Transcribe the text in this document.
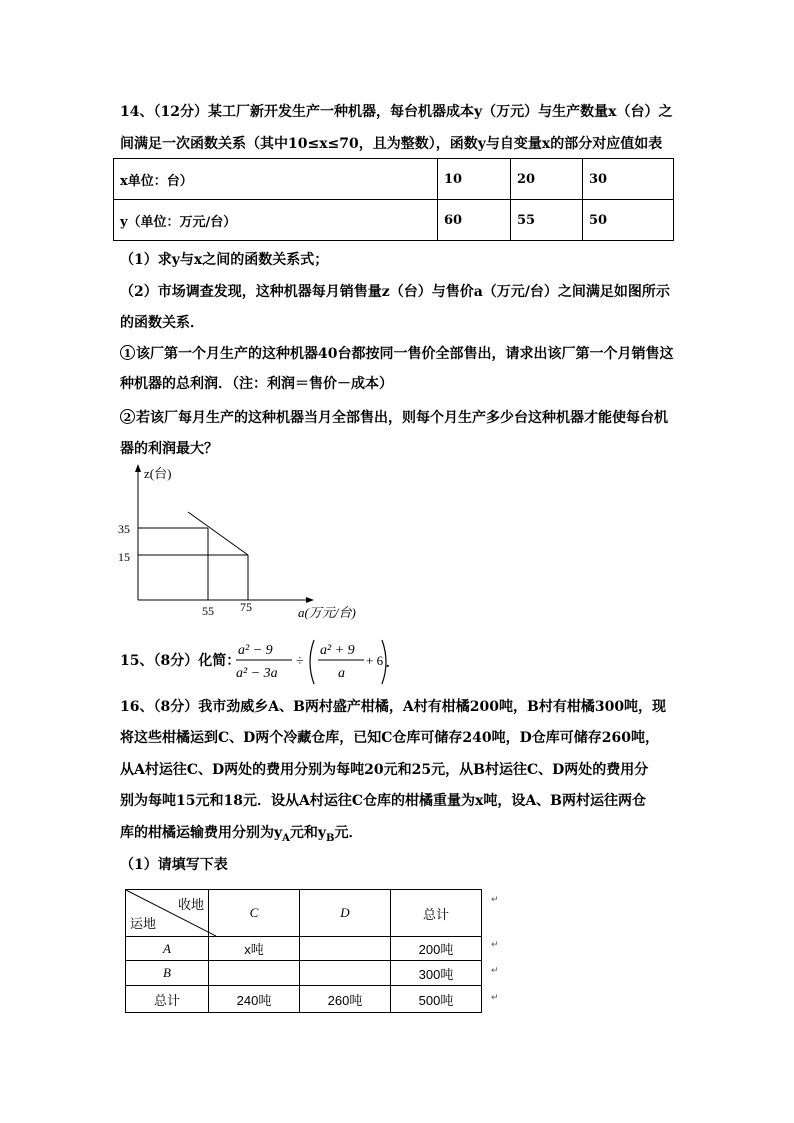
14、（12分）某工厂新开发生产一种机器，每台机器成本y（万元）与生产数量x（台）之
间满足一次函数关系（其中10≤x≤70，且为整数），函数y与自变量x的部分对应值如表
x单位：台）	10	20	30
y（单位：万元/台）	60	55	50
（1）求y与x之间的函数关系式；
（2）市场调查发现，这种机器每月销售量z（台）与售价a（万元/台）之间满足如图所示
的函数关系．
1 该厂第一个月生产的这种机器40台都按同一售价全部售出，请求出该厂第一个月销售这
种机器的总利润．（注：利润＝售价－成本）
2 若该厂每月生产的这种机器当月全部售出，则每个月生产多少台这种机器才能使每台机
器的利润最大？
z(台)
35
15
55 75	a(万元/台)
15、（8分）化简：
a² − 9
a² − 3a
÷
a² + 9
a
+ 6 .
16、（8分）我市劲威乡A、B两村盛产柑橘，A村有柑橘200吨，B村有柑橘300吨，现
将这些柑橘运到C、D两个冷藏仓库，已知C仓库可储存240吨，D仓库可储存260吨，
从A村运往C、D两处的费用分别为每吨20元和25元，从B村运往C、D两处的费用分
别为每吨15元和18元．设从A村运往C仓库的柑橘重量为x吨，设A、B两村运往两仓
库的柑橘运输费用分别为$y_A$元和$y_B$元．
（1）请填写下表
收地
运地	C	D	总计
A	x吨		200吨
B			300吨
总计	240吨	260吨	500吨
↵
↵
↵
↵
